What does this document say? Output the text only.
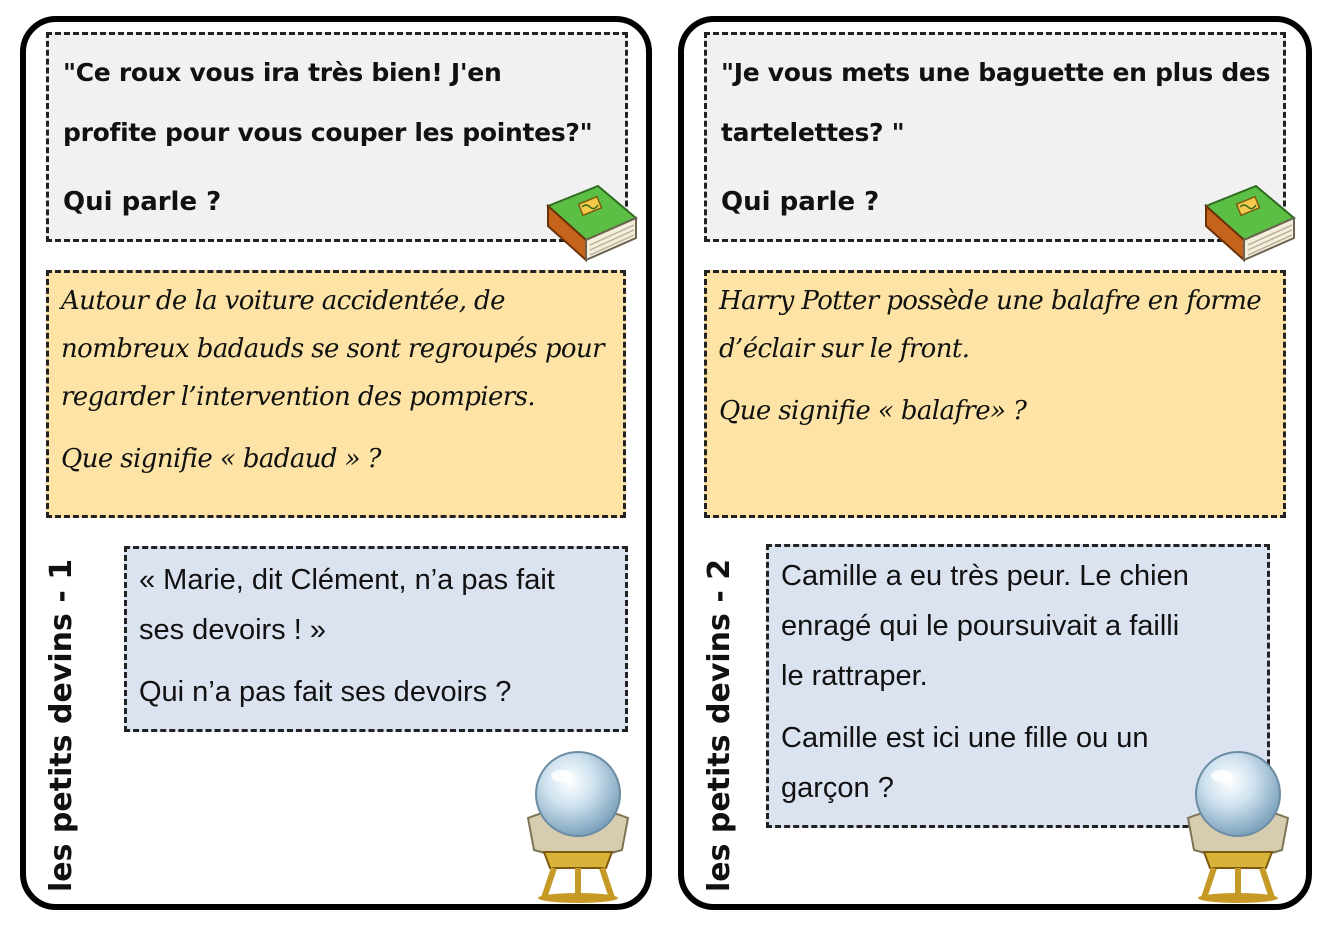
"Ce roux vous ira très bien! J'en
profite pour vous couper les pointes?"
Qui parle ?
Autour de la voiture accidentée, de
nombreux badauds se sont regroupés pour
regarder l’intervention des pompiers.
Que signifie « badaud » ?
« Marie, dit Clément, n’a pas fait
ses devoirs ! »
Qui n’a pas fait ses devoirs ?
les petits devins - 1
"Je vous mets une baguette en plus des
tartelettes? "
Qui parle ?
Harry Potter possède une balafre en forme
d’éclair sur le front.
Que signifie « balafre» ?
Camille a eu très peur. Le chien
enragé qui le poursuivait a failli
le rattraper.
Camille est ici une fille ou un
garçon ?
les petits devins - 2
